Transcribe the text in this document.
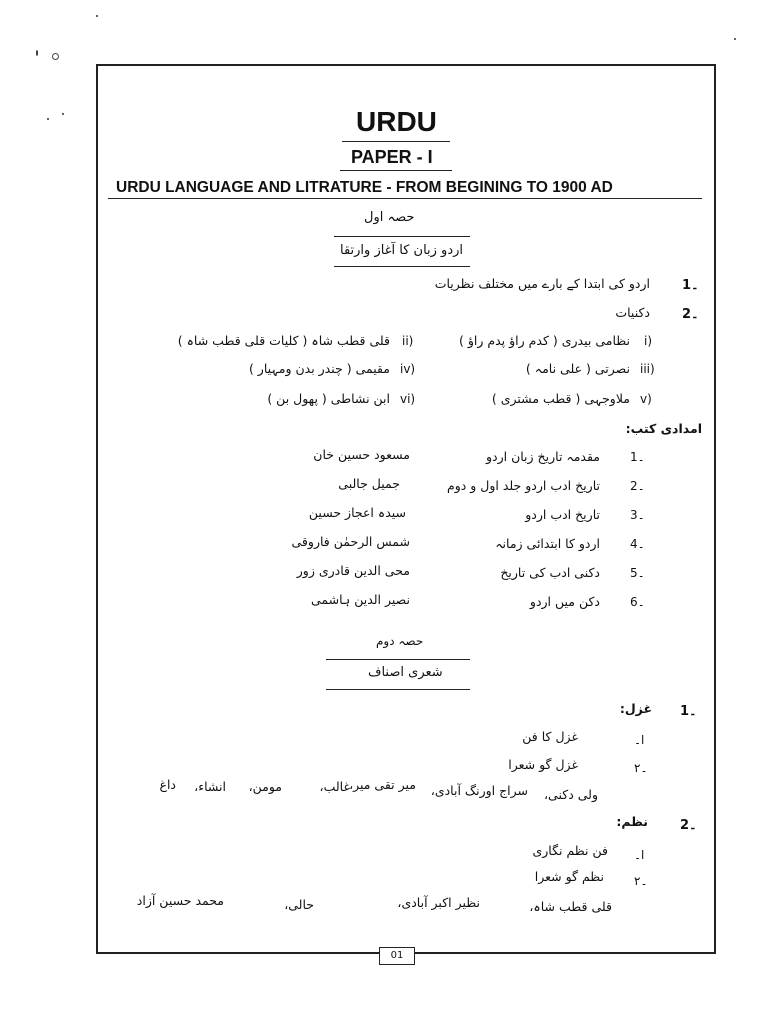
URDU
PAPER - I
URDU LANGUAGE AND LITRATURE - FROM BEGINING TO 1900 AD
حصہ اول
اردو زبان کا آغاز وارتقا
اردو کی ابتدا کے بارے میں مختلف نظریات 1۔
دکنیات 2۔
i)
نظامی بیدری ( کدم راؤ پدم راؤ )
ii)
قلی قطب شاہ ( کلیات قلی قطب شاہ )
iii)
نصرتی ( علی نامہ )
iv)
مقیمی ( چندر بدن ومہیار )
v)
ملاوجہی ( قطب مشتری )
vi)
ابن نشاطی ( پھول بن )
امدادی کتب:
1۔
مقدمہ تاریخ زبان اردو
مسعود حسین خان
2۔
تاریخ ادب اردو جلد اول و دوم
جمیل جالبی
3۔
تاریخ ادب اردو
سیدہ اعجاز حسین
4۔
اردو کا ابتدائی زمانہ
شمس الرحمٰن فاروقی
5۔
دکنی ادب کی تاریخ
محی الدین قادری زور
6۔
دکن میں اردو
نصیر الدین ہاشمی
حصہ دوم
شعری اصناف
1۔
غزل:
ا۔
غزل کا فن
۲۔
غزل گو شعرا
ولی دکنی،
سراج اورنگ آبادی،
میر تقی میر،
غالب،
مومن،
انشاء،
داغ
2۔
نظم:
ا۔
فن نظم نگاری
۲۔
نظم گو شعرا
قلی قطب شاہ،
نظیر اکبر آبادی،
حالی،
محمد حسین آزاد
01
